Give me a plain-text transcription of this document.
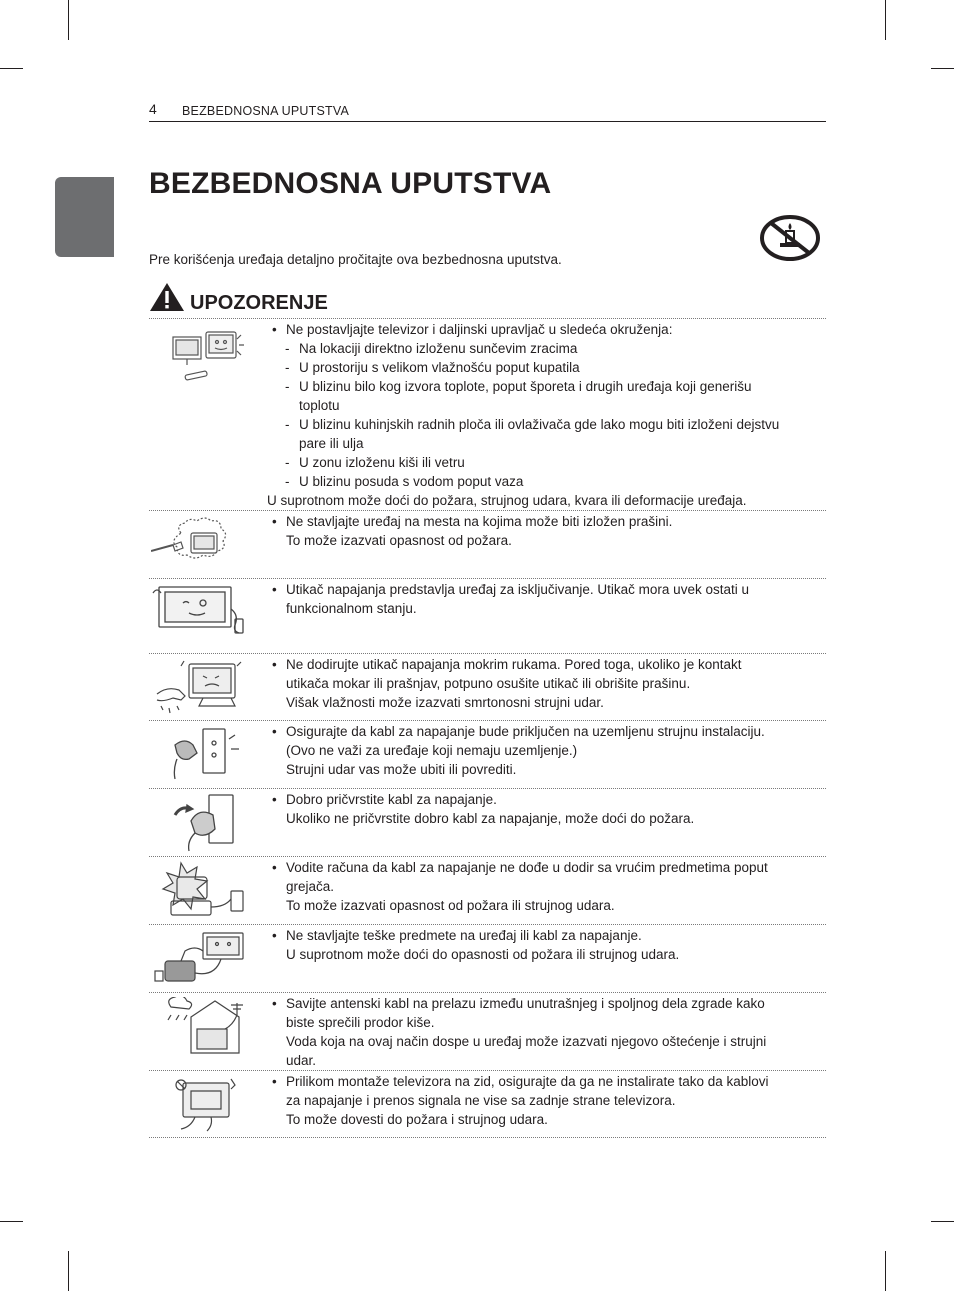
SRPSKI
4 BEZBEDNOSNA UPUTSTVA
BEZBEDNOSNA UPUTSTVA
Pre korišćenja uređaja detaljno pročitajte ova bezbednosna uputstva.
UPOZORENJE
• Ne postavljajte televizor i daljinski upravljač u sledeća okruženja:
- Na lokaciji direktno izloženu sunčevim zracima
- U prostoriju s velikom vlažnošću poput kupatila
- U blizinu bilo kog izvora toplote, poput šporeta i drugih uređaja koji generišu
toplotu
- U blizinu kuhinjskih radnih ploča ili ovlaživača gde lako mogu biti izloženi dejstvu
pare ili ulja
- U zonu izloženu kiši ili vetru
- U blizinu posuda s vodom poput vaza
U suprotnom može doći do požara, strujnog udara, kvara ili deformacije uređaja.
• Ne stavljajte uređaj na mesta na kojima može biti izložen prašini.
To može izazvati opasnost od požara.
• Utikač napajanja predstavlja uređaj za isključivanje. Utikač mora uvek ostati u
funkcionalnom stanju.
• Ne dodirujte utikač napajanja mokrim rukama. Pored toga, ukoliko je kontakt
utikača mokar ili prašnjav, potpuno osušite utikač ili obrišite prašinu.
Višak vlažnosti može izazvati smrtonosni strujni udar.
• Osigurajte da kabl za napajanje bude priključen na uzemljenu strujnu instalaciju.
(Ovo ne važi za uređaje koji nemaju uzemljenje.)
Strujni udar vas može ubiti ili povrediti.
• Dobro pričvrstite kabl za napajanje.
Ukoliko ne pričvrstite dobro kabl za napajanje, može doći do požara.
• Vodite računa da kabl za napajanje ne dođe u dodir sa vrućim predmetima poput
grejača.
To može izazvati opasnost od požara ili strujnog udara.
• Ne stavljajte teške predmete na uređaj ili kabl za napajanje.
U suprotnom može doći do opasnosti od požara ili strujnog udara.
• Savijte antenski kabl na prelazu između unutrašnjeg i spoljnog dela zgrade kako
biste sprečili prodor kiše.
Voda koja na ovaj način dospe u uređaj može izazvati njegovo oštećenje i strujni
udar.
• Prilikom montaže televizora na zid, osigurajte da ga ne instalirate tako da kablovi
za napajanje i prenos signala ne vise sa zadnje strane televizora.
To može dovesti do požara i strujnog udara.
